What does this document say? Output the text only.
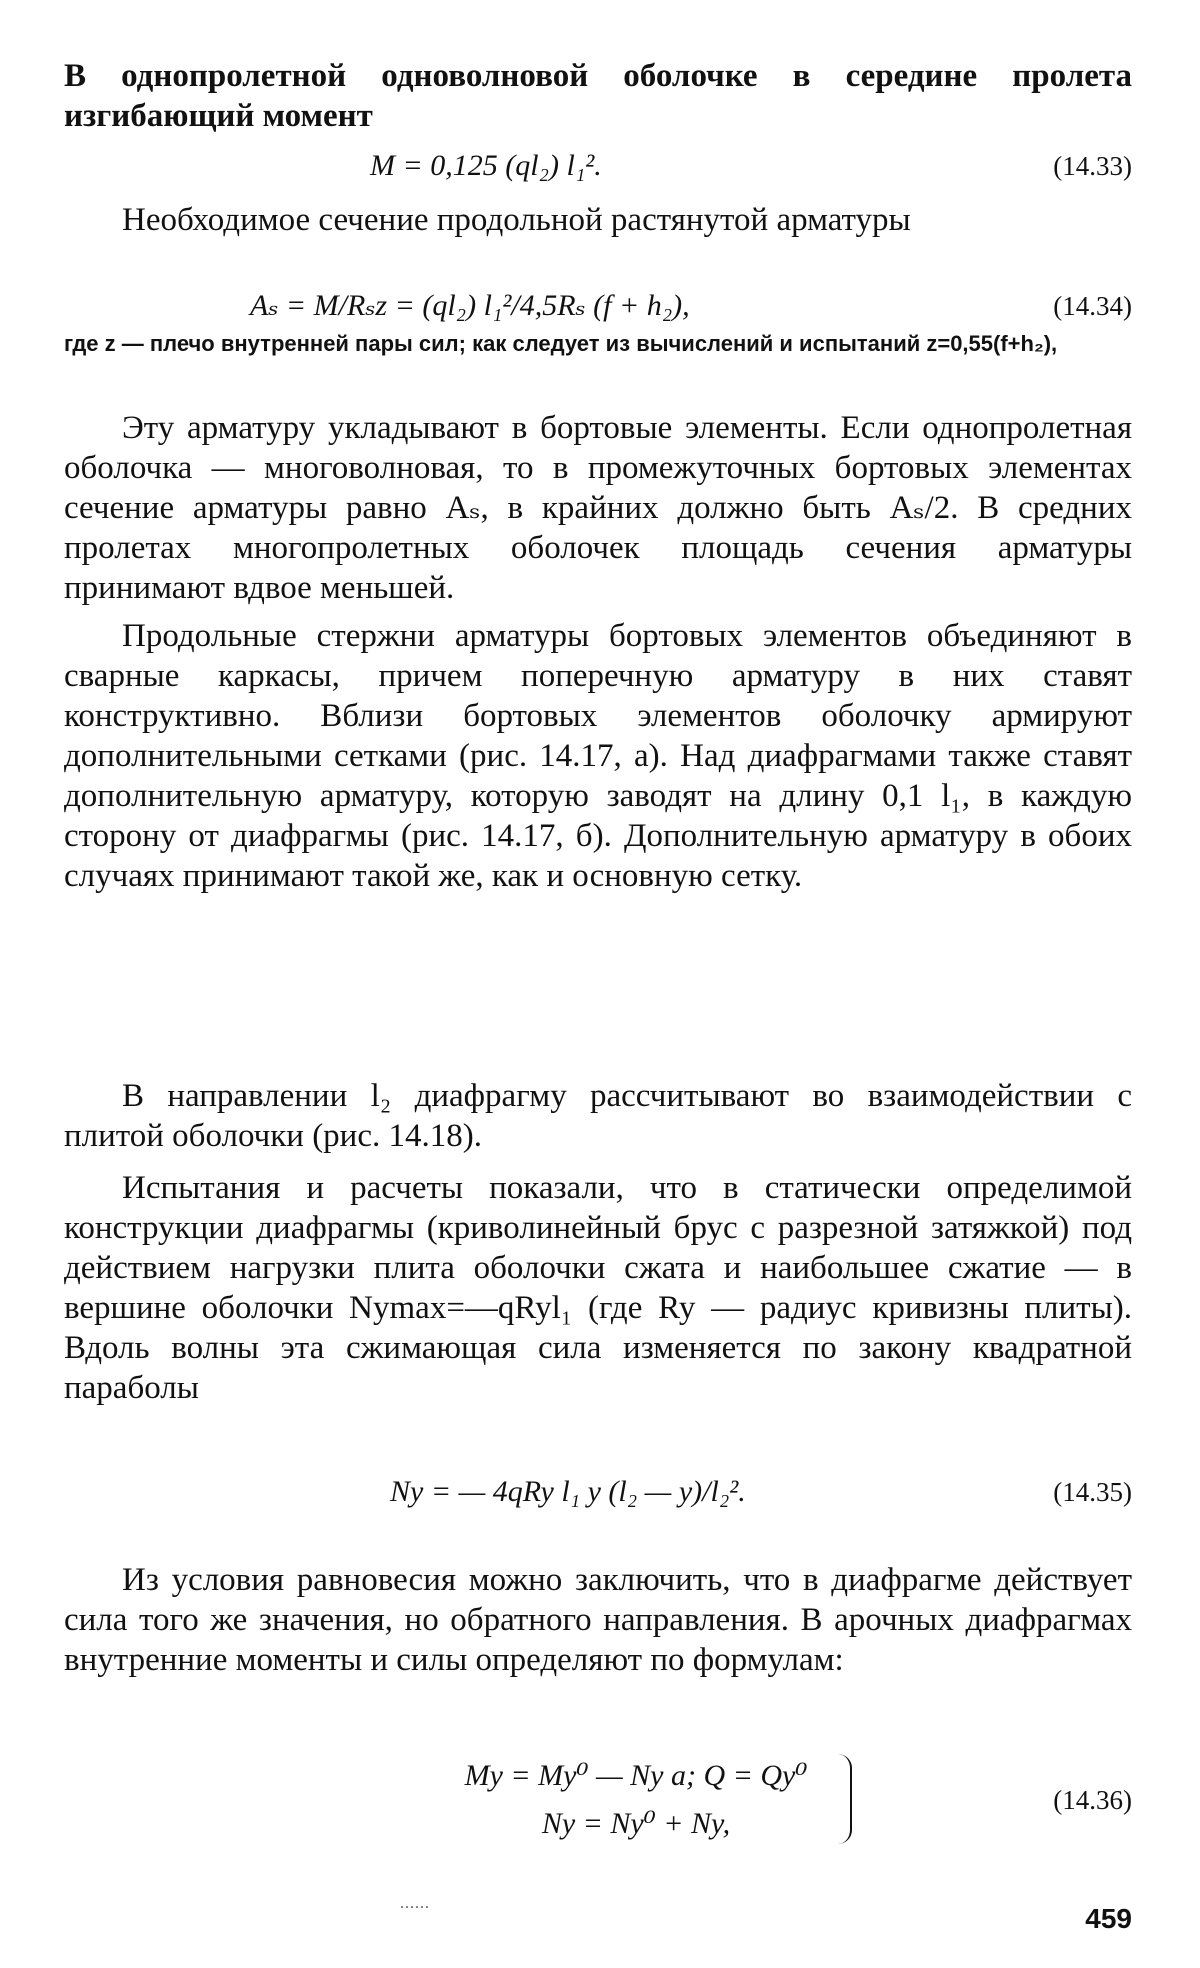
В однопролетной одноволновой оболочке в середине пролета изгибающий момент

M = 0,125 (ql₂) l₁².	(14.33)

Необходимое сечение продольной растянутой арматуры

Aₛ = M/Rₛz = (ql₂) l₁²/4,5Rₛ (f + h₂),	(14.34)

где z — плечо внутренней пары сил; как следует из вычислений и испытаний z=0,55(f+h₂),

Эту арматуру укладывают в бортовые элементы. Если однопролетная оболочка — многоволновая, то в промежуточных бортовых элементах сечение арматуры равно Aₛ, в крайних должно быть Aₛ/2. В средних пролетах многопролетных оболочек площадь сечения арматуры принимают вдвое меньшей.

Продольные стержни арматуры бортовых элементов объединяют в сварные каркасы, причем поперечную арматуру в них ставят конструктивно. Вблизи бортовых элементов оболочку армируют дополнительными сетками (рис. 14.17, а). Над диафрагмами также ставят дополнительную арматуру, которую заводят на длину 0,1 l₁, в каждую сторону от диафрагмы (рис. 14.17, б). Дополнительную арматуру в обоих случаях принимают такой же, как и основную сетку.

В направлении l₂ диафрагму рассчитывают во взаимодействии с плитой оболочки (рис. 14.18).

Испытания и расчеты показали, что в статически определимой конструкции диафрагмы (криволинейный брус с разрезной затяжкой) под действием нагрузки плита оболочки сжата и наибольшее сжатие — в вершине оболочки Nymax=—qRyl₁ (где Ry — радиус кривизны плиты). Вдоль волны эта сжимающая сила изменяется по закону квадратной параболы

Ny = — 4qRy l₁ y (l₂ — y)/l₂².	(14.35)

Из условия равновесия можно заключить, что в диафрагме действует сила того же значения, но обратного направления. В арочных диафрагмах внутренние моменты и силы определяют по формулам:

My = My⁰ — Ny a; Q = Qy⁰
Ny = Ny⁰ + Ny,
(14.36)
......	459
